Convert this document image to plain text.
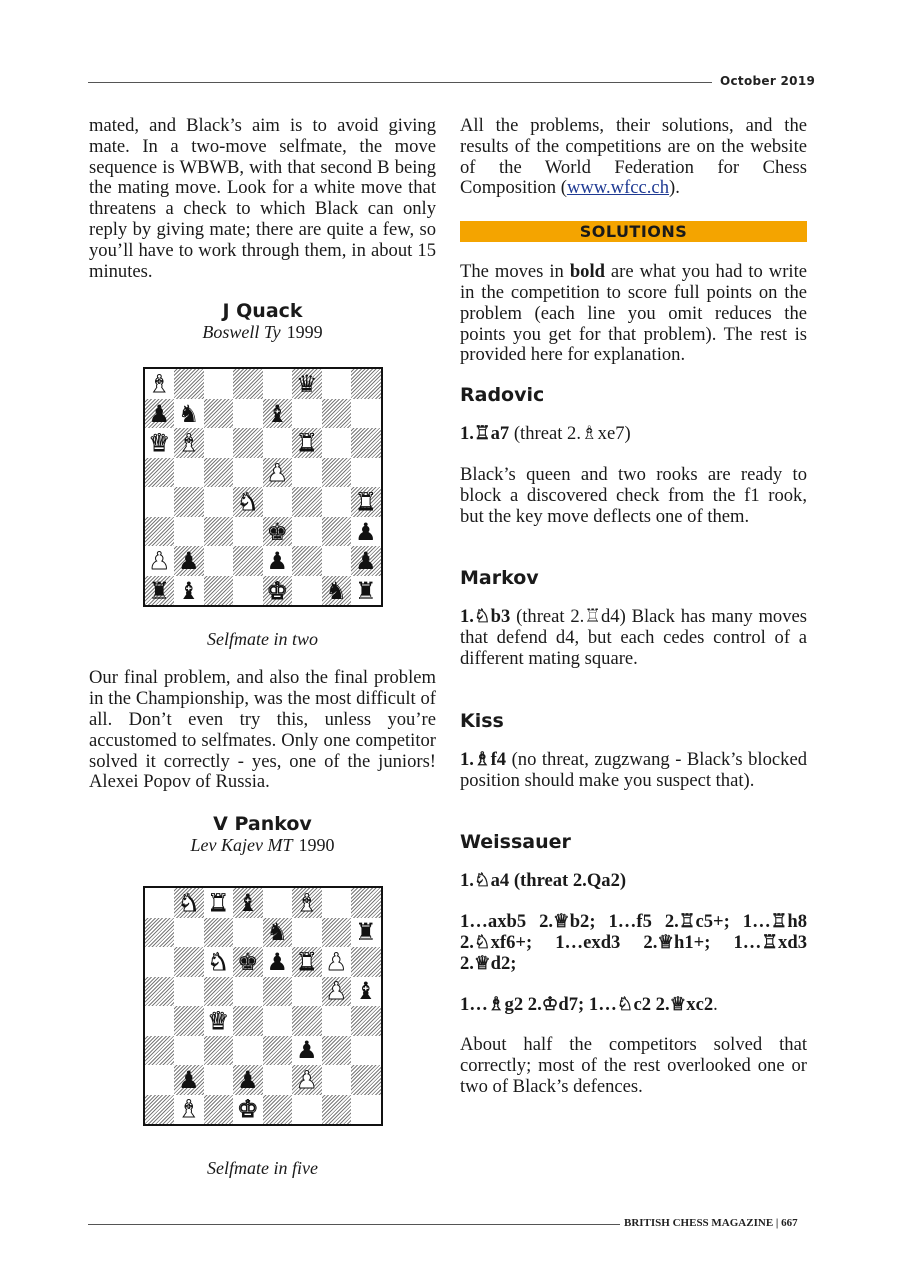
October 2019

mated, and Black’s aim is to avoid giving mate. In a two-move selfmate, the move sequence is WBWB, with that second B being the mating move. Look for a white move that threatens a check to which Black can only reply by giving mate; there are quite a few, so you’ll have to work through them, in about 15 minutes.

J Quack

Boswell Ty 1999

♝	♛
♟ ♞	♝
♛ ♝	♜
♟
♞	♜
♚	♟
♟ ♟	♟	♟
♜ ♝	♚ ♞ ♜

Selfmate in two

Our final problem, and also the final problem in the Championship, was the most difficult of all. Don’t even try this, unless you’re accustomed to selfmates. Only one competitor solved it correctly - yes, one of the juniors! Alexei Popov of Russia.

V Pankov

Lev Kajev MT 1990

♞ ♜ ♝ ♝
♞	♜
♞ ♚ ♟ ♜ ♟
♟ ♝
♛
♟
♟ ♟ ♟
♝ ♚

Selfmate in five

All the problems, their solutions, and the results of the competitions are on the website of the World Federation for Chess Composition (www.wfcc.ch).

SOLUTIONS

The moves in bold are what you had to write in the competition to score full points on the problem (each line you omit reduces the points you get for that problem). The rest is provided here for explanation.

Radovic

1.♖a7 (threat 2.♗xe7)

Black’s queen and two rooks are ready to block a discovered check from the f1 rook, but the key move deflects one of them.

Markov

1.♘b3 (threat 2.♖d4) Black has many moves that defend d4, but each cedes control of a different mating square.

Kiss

1.♗f4 (no threat, zugzwang - Black’s blocked position should make you suspect that).

Weissauer

1.♘a4 (threat 2.Qa2)

1…axb5 2.♕b2; 1…f5 2.♖c5+; 1…♖h8 2.♘xf6+; 1…exd3 2.♕h1+; 1…♖xd3 2.♕d2;

1…♗g2 2.♔d7; 1…♘c2 2.♕xc2.

About half the competitors solved that correctly; most of the rest overlooked one or two of Black’s defences.

BRITISH CHESS MAGAZINE | 667
